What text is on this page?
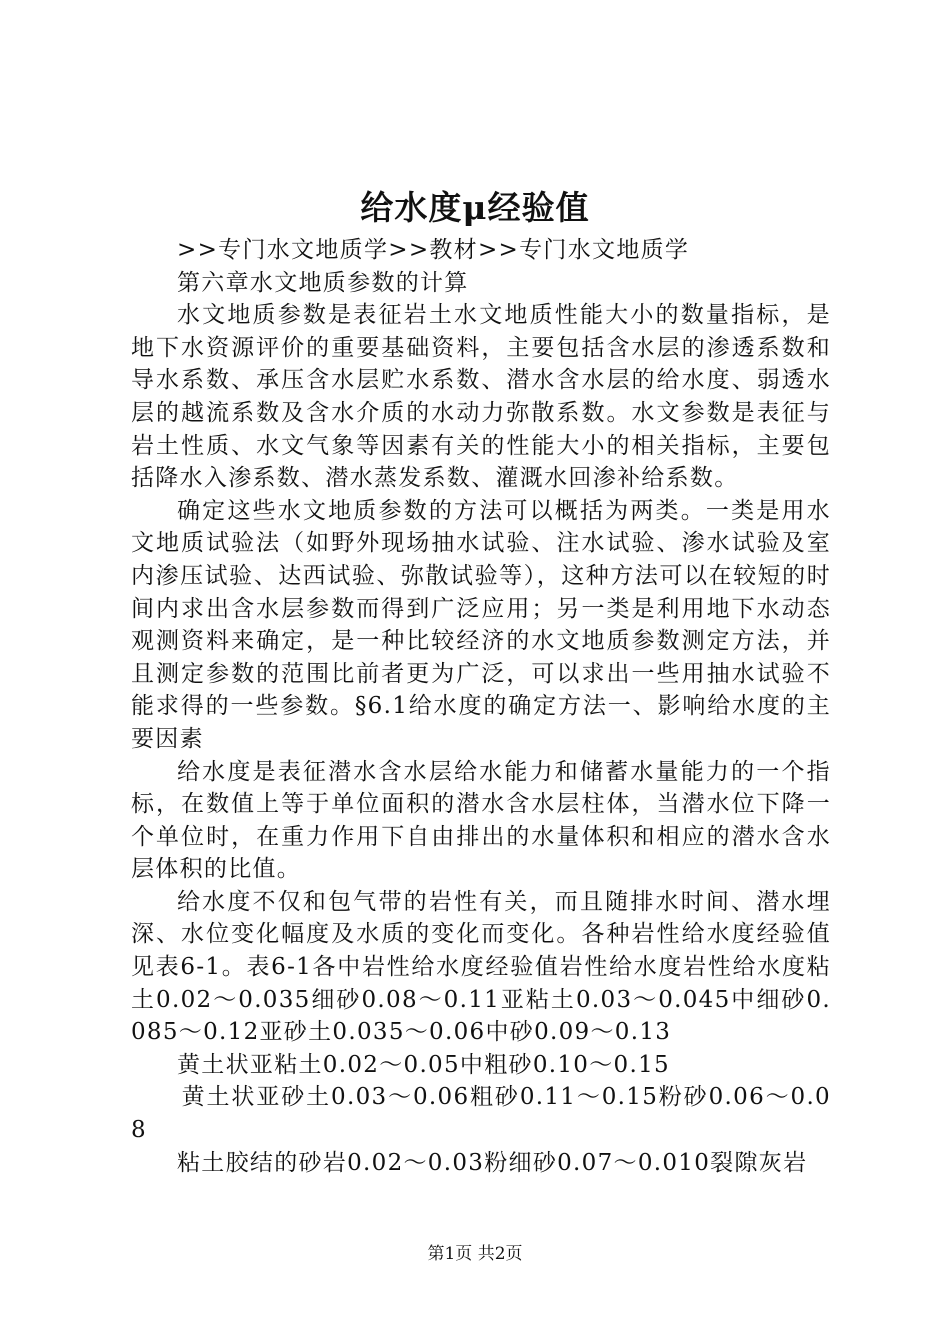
给水度μ经验值

>>专门水文地质学>>教材>>专门水文地质学

第六章水文地质参数的计算

水文地质参数是表征岩土水文地质性能大小的数量指标，是地下水资源评价的重要基础资料，主要包括含水层的渗透系数和导水系数、承压含水层贮水系数、潜水含水层的给水度、弱透水层的越流系数及含水介质的水动力弥散系数。水文参数是表征与岩土性质、水文气象等因素有关的性能大小的相关指标，主要包括降水入渗系数、潜水蒸发系数、灌溉水回渗补给系数。

确定这些水文地质参数的方法可以概括为两类。一类是用水文地质试验法（如野外现场抽水试验、注水试验、渗水试验及室内渗压试验、达西试验、弥散试验等），这种方法可以在较短的时间内求出含水层参数而得到广泛应用；另一类是利用地下水动态观测资料来确定，是一种比较经济的水文地质参数测定方法，并且测定参数的范围比前者更为广泛，可以求出一些用抽水试验不能求得的一些参数。§6.1给水度的确定方法一、影响给水度的主要因素

给水度是表征潜水含水层给水能力和储蓄水量能力的一个指标，在数值上等于单位面积的潜水含水层柱体，当潜水位下降一个单位时，在重力作用下自由排出的水量体积和相应的潜水含水层体积的比值。

给水度不仅和包气带的岩性有关，而且随排水时间、潜水埋深、水位变化幅度及水质的变化而变化。各种岩性给水度经验值见表6-1。表6-1各中岩性给水度经验值岩性给水度岩性给水度粘土0.02～0.035细砂0.08～0.11亚粘土0.03～0.045中细砂0.085～0.12亚砂土0.035～0.06中砂0.09～0.13

黄土状亚粘土0.02～0.05中粗砂0.10～0.15

黄土状亚砂土0.03～0.06粗砂0.11～0.15粉砂0.06～0.08

粘土胶结的砂岩0.02～0.03粉细砂0.07～0.010裂隙灰岩

第1页 共2页
